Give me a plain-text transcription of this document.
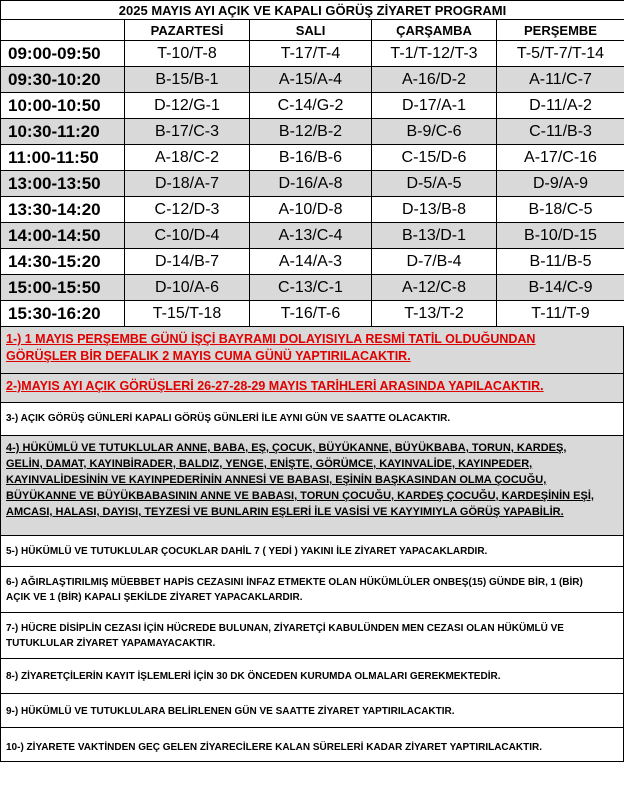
2025 MAYIS AYI AÇIK VE KAPALI GÖRÜŞ ZİYARET PROGRAMI				
	PAZARTESİ	SALI	ÇARŞAMBA	PERŞEMBE
09:00-09:50	T-10/T-8	T-17/T-4	T-1/T-12/T-3	T-5/T-7/T-14
09:30-10:20	B-15/B-1	A-15/A-4	A-16/D-2	A-11/C-7
10:00-10:50	D-12/G-1	C-14/G-2	D-17/A-1	D-11/A-2
10:30-11:20	B-17/C-3	B-12/B-2	B-9/C-6	C-11/B-3
11:00-11:50	A-18/C-2	B-16/B-6	C-15/D-6	A-17/C-16
13:00-13:50	D-18/A-7	D-16/A-8	D-5/A-5	D-9/A-9
13:30-14:20	C-12/D-3	A-10/D-8	D-13/B-8	B-18/C-5
14:00-14:50	C-10/D-4	A-13/C-4	B-13/D-1	B-10/D-15
14:30-15:20	D-14/B-7	A-14/A-3	D-7/B-4	B-11/B-5
15:00-15:50	D-10/A-6	C-13/C-1	A-12/C-8	B-14/C-9
15:30-16:20	T-15/T-18	T-16/T-6	T-13/T-2	T-11/T-9
1-) 1 MAYIS PERŞEMBE GÜNÜ İŞÇİ BAYRAMI DOLAYISIYLA RESMİ TATİL OLDUĞUNDAN
GÖRÜŞLER BİR DEFALIK 2 MAYIS CUMA GÜNÜ YAPTIRILACAKTIR.
2-)MAYIS AYI AÇIK GÖRÜŞLERİ 26-27-28-29 MAYIS TARİHLERİ ARASINDA YAPILACAKTIR.
3-) AÇIK GÖRÜŞ GÜNLERİ KAPALI GÖRÜŞ GÜNLERİ İLE AYNI GÜN VE SAATTE OLACAKTIR.
4-) HÜKÜMLÜ VE TUTUKLULAR ANNE, BABA, EŞ, ÇOCUK, BÜYÜKANNE, BÜYÜKBABA, TORUN, KARDEŞ,
GELİN, DAMAT, KAYINBİRADER, BALDIZ, YENGE, ENİŞTE, GÖRÜMCE, KAYINVALİDE, KAYINPEDER,
KAYINVALİDESİNİN VE KAYINPEDERİNİN ANNESİ VE BABASI, EŞİNİN BAŞKASINDAN OLMA ÇOCUĞU,
BÜYÜKANNE VE BÜYÜKBABASININ ANNE VE BABASI, TORUN ÇOCUĞU, KARDEŞ ÇOCUĞU, KARDEŞİNİN EŞİ,
AMCASI, HALASI, DAYISI, TEYZESİ VE BUNLARIN EŞLERİ İLE VASİSİ VE KAYYIMIYLA GÖRÜŞ YAPABİLİR.
5-) HÜKÜMLÜ VE TUTUKLULAR ÇOCUKLAR DAHİL 7 ( YEDİ ) YAKINI İLE ZİYARET YAPACAKLARDIR.
6-) AĞIRLAŞTIRILMIŞ MÜEBBET HAPİS CEZASINI İNFAZ ETMEKTE OLAN HÜKÜMLÜLER ONBEŞ(15) GÜNDE BİR, 1 (BİR)
AÇIK VE 1 (BİR) KAPALI ŞEKİLDE ZİYARET YAPACAKLARDIR.
7-) HÜCRE DİSİPLİN CEZASI İÇİN HÜCREDE BULUNAN, ZİYARETÇİ KABULÜNDEN MEN CEZASI OLAN HÜKÜMLÜ VE
TUTUKLULAR ZİYARET YAPAMAYACAKTIR.
8-) ZİYARETÇİLERİN KAYIT İŞLEMLERİ İÇİN 30 DK ÖNCEDEN KURUMDA OLMALARI GEREKMEKTEDİR.
9-) HÜKÜMLÜ VE TUTUKLULARA BELİRLENEN GÜN VE SAATTE ZİYARET YAPTIRILACAKTIR.
10-) ZİYARETE VAKTİNDEN GEÇ GELEN ZİYARECİLERE KALAN SÜRELERİ KADAR ZİYARET YAPTIRILACAKTIR.
